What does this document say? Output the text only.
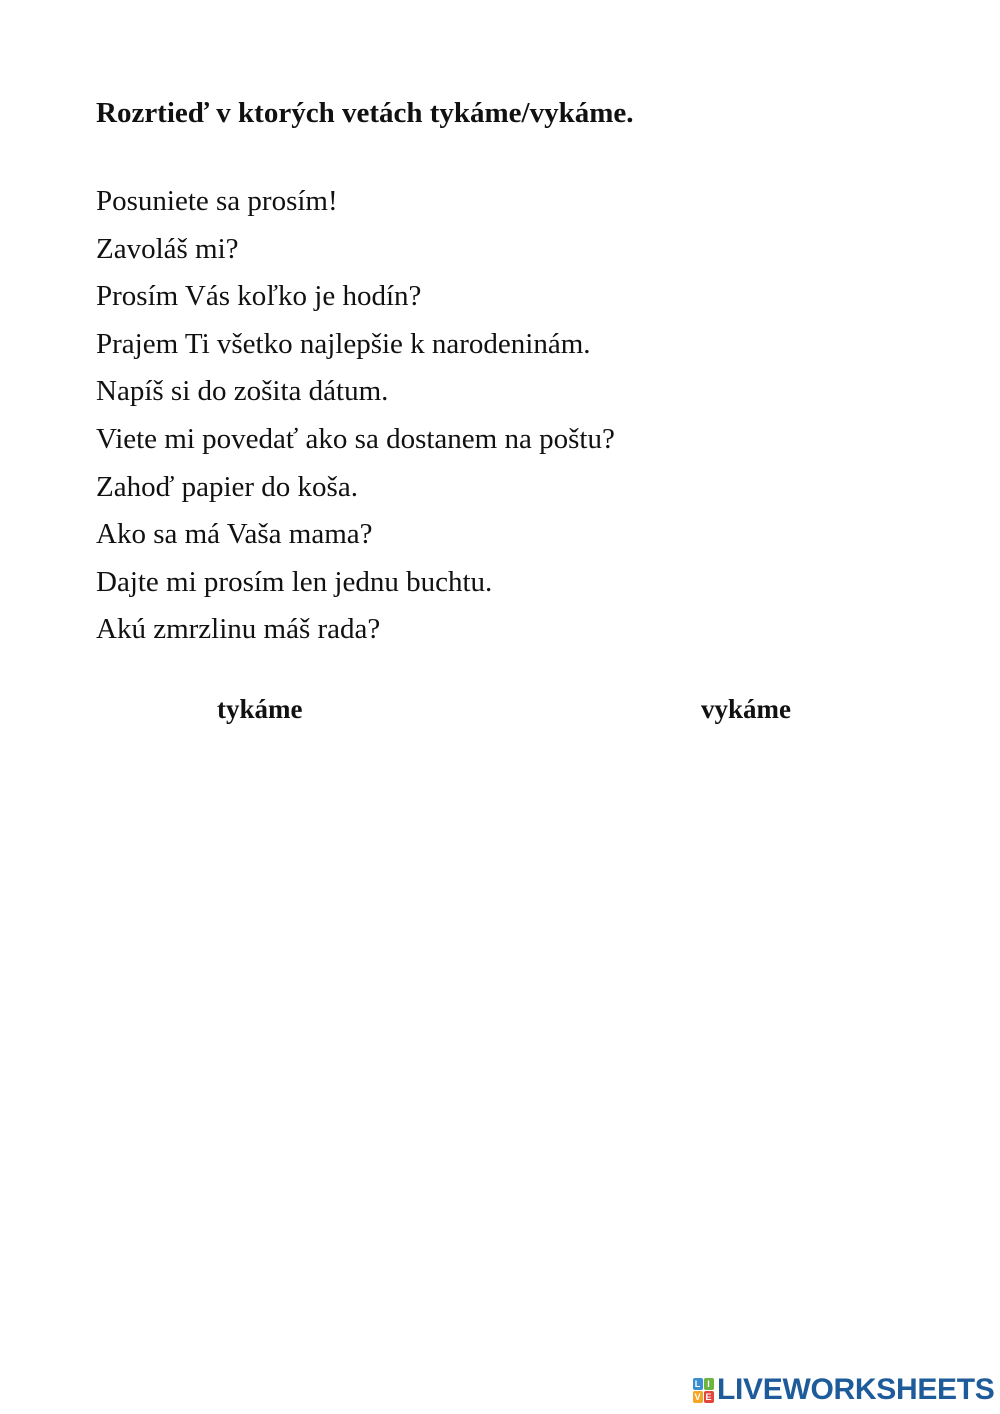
Rozrtieď v ktorých vetách tykáme/vykáme.
Posuniete sa prosím!
Zavoláš mi?
Prosím Vás koľko je hodín?
Prajem Ti všetko najlepšie k narodeninám.
Napíš si do zošita dátum.
Viete mi povedať ako sa dostanem na poštu?
Zahoď papier do koša.
Ako sa má Vaša mama?
Dajte mi prosím len jednu buchtu.
Akú zmrzlinu máš rada?
tykáme	vykáme
L I
V E LIVEWORKSHEETS
